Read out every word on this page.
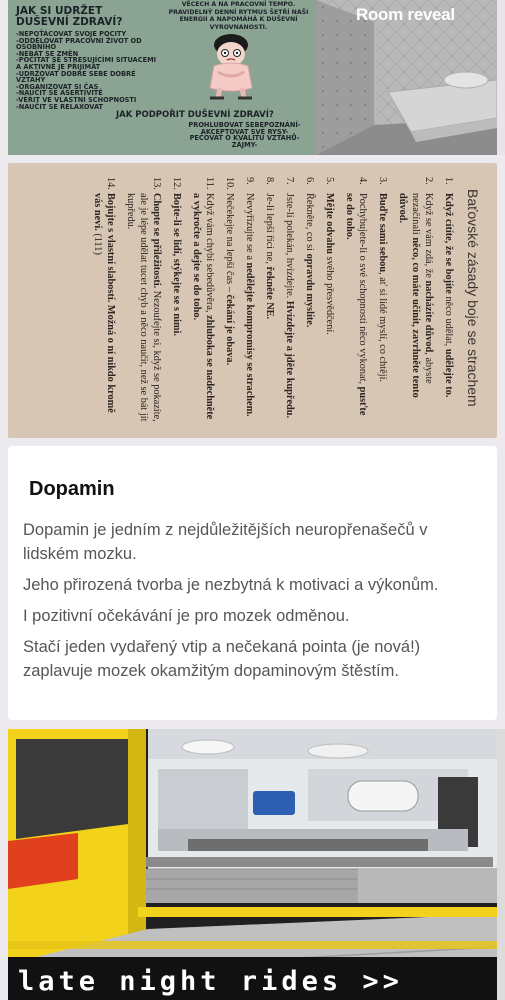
VĚCECH A NA PRACOVNÍ TEMPO.
PRAVIDELNÝ DENNÍ RYTMUS ŠETŘÍ NAŠI
ENERGII A NAPOMÁHÁ K DUŠEVNÍ
VYROVNANOSTI.
JAK SI UDRŽET
DUŠEVNÍ ZDRAVÍ?
-NEPOŤÁCOVAT SVOJE POCITY
-ODDĚLOVAT PRACOVNÍ ŽIVOT OD
OSOBNÍHO
-NEBÁT SE ZMĚN
-POČÍTAT SE STRESUJÍCÍMI SITUACEMI
A AKTIVNĚ JE PŘIJÍMAT
-UDRŽOVAT DOBRÉ SEBE DOBRÉ
VZTAHY
-ORGANIZOVAT SI ČAS
-NAUČIT SE ASERTIVITĚ
-VĚŘIT VE VLASTNÍ SCHOPNOSTI
-NAUČIT SE RELAXOVAT
JAK PODPOŘIT DUŠEVNÍ ZDRAVÍ?
PROHLUBOVAT SEBEPOZNÁNÍ-
AKCEPTOVAT SVÉ RYSY-
PEČOVAT O KVALITU VZTAHŮ-
ZÁJMY-
Room reveal
Baťovské zásady boje se strachem
1.
Když cítíte, že se bojíte něco udělat, udělejte to.
2.
Když se vám zdá, že nacházíte důvod, abyste nezačínali něco, co máte učinit, zavrhněte tento důvod.
3.
Buďte sami sebou, ať si lidé myslí, co chtějí.
4.
Pochybujete-li o své schopnosti něco vykonat, pusťte se do toho.
5.
Mějte odvahu svého přesvědčení.
6.
Řekněte, co si opravdu myslíte.
7.
Jste-li polekán, hvízdejte. Hvízdejte a jděte kupředu.
8.
Je-li lepší říci ne, řekněte NE.
9.
Nevyřizujte se a nedělejte kompromisy se strachem.
10.
Nečekejte na lepší čas – čekání je obava.
11.
Když vám chybí sebedůvěra, zhluboka se nadechněte a vykročte a dejte se do toho.
12.
Bojte-li se lidí, stýkejte se s nimi.
13.
Chopte se příležitosti. Nezoufejte si, když se pokazíte, ale je lépe udělat tucet chyb a něco naučit, než se bát jít kupředu.
14.
Bojujte s vlastní slabostí. Možná o ní nikdo kromě vás neví. (111)
Dopamin

Dopamin je jedním z nejdůležitějších neuropřenašečů v lidském mozku.

Jeho přirozená tvorba je nezbytná k motivaci a výkonům.

I pozitivní očekávání je pro mozek odměnou.

Stačí jeden vydařený vtip a nečekaná pointa (je nová!) zaplavuje mozek okamžitým dopaminovým štěstím.

late night rides >>
